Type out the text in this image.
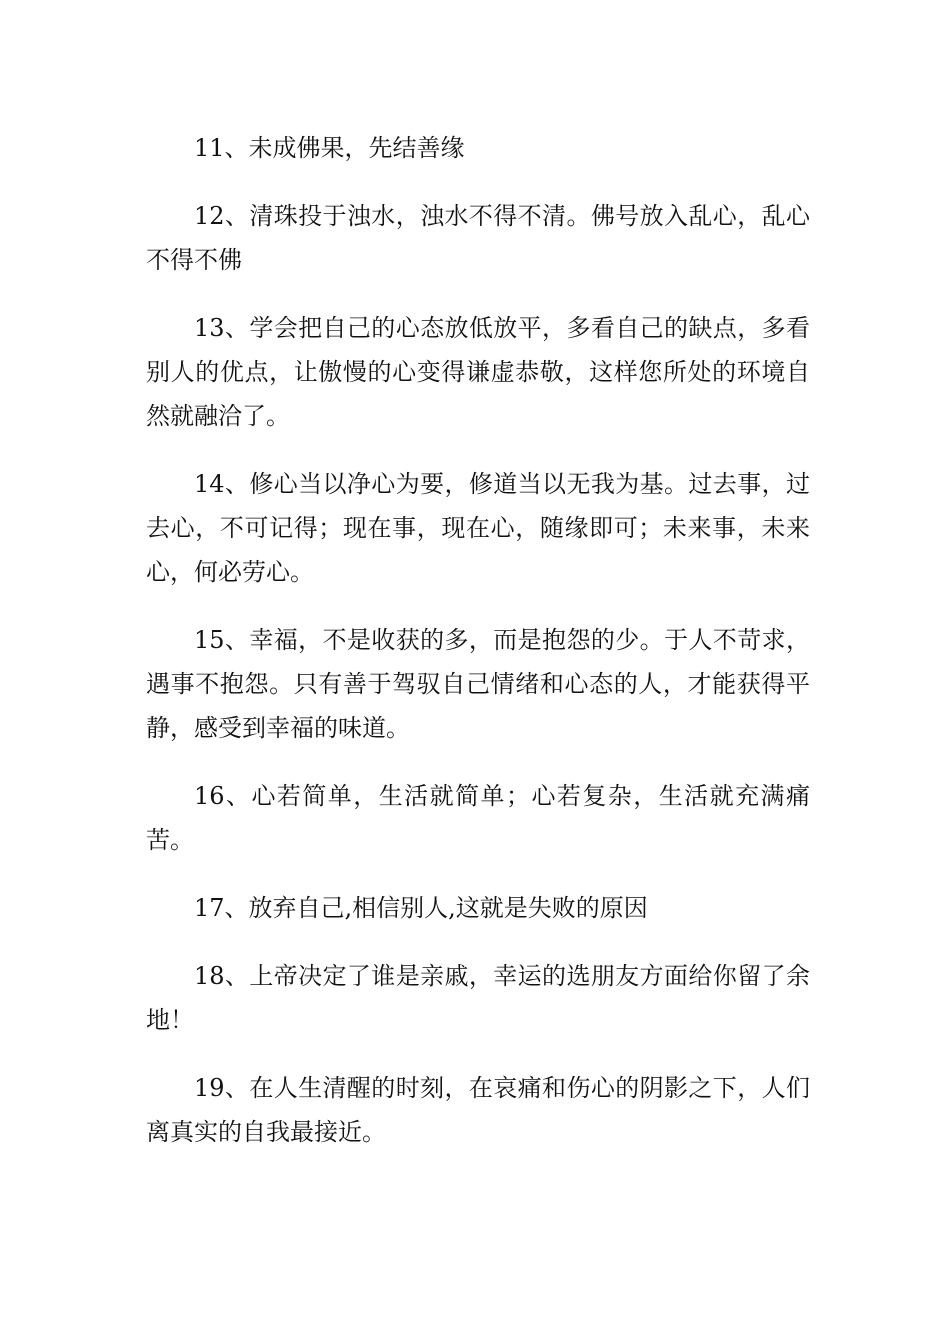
11、未成佛果，先结善缘

12、清珠投于浊水，浊水不得不清。佛号放入乱心，乱心不得不佛

13、学会把自己的心态放低放平，多看自己的缺点，多看别人的优点，让傲慢的心变得谦虚恭敬，这样您所处的环境自然就融洽了。

14、修心当以净心为要，修道当以无我为基。过去事，过去心，不可记得；现在事，现在心，随缘即可；未来事，未来心，何必劳心。

15、幸福，不是收获的多，而是抱怨的少。于人不苛求，遇事不抱怨。只有善于驾驭自己情绪和心态的人，才能获得平静，感受到幸福的味道。

16、心若简单，生活就简单；心若复杂，生活就充满痛苦。

17、放弃自己,相信别人,这就是失败的原因

18、上帝决定了谁是亲戚，幸运的选朋友方面给你留了余地！

19、在人生清醒的时刻，在哀痛和伤心的阴影之下，人们离真实的自我最接近。
